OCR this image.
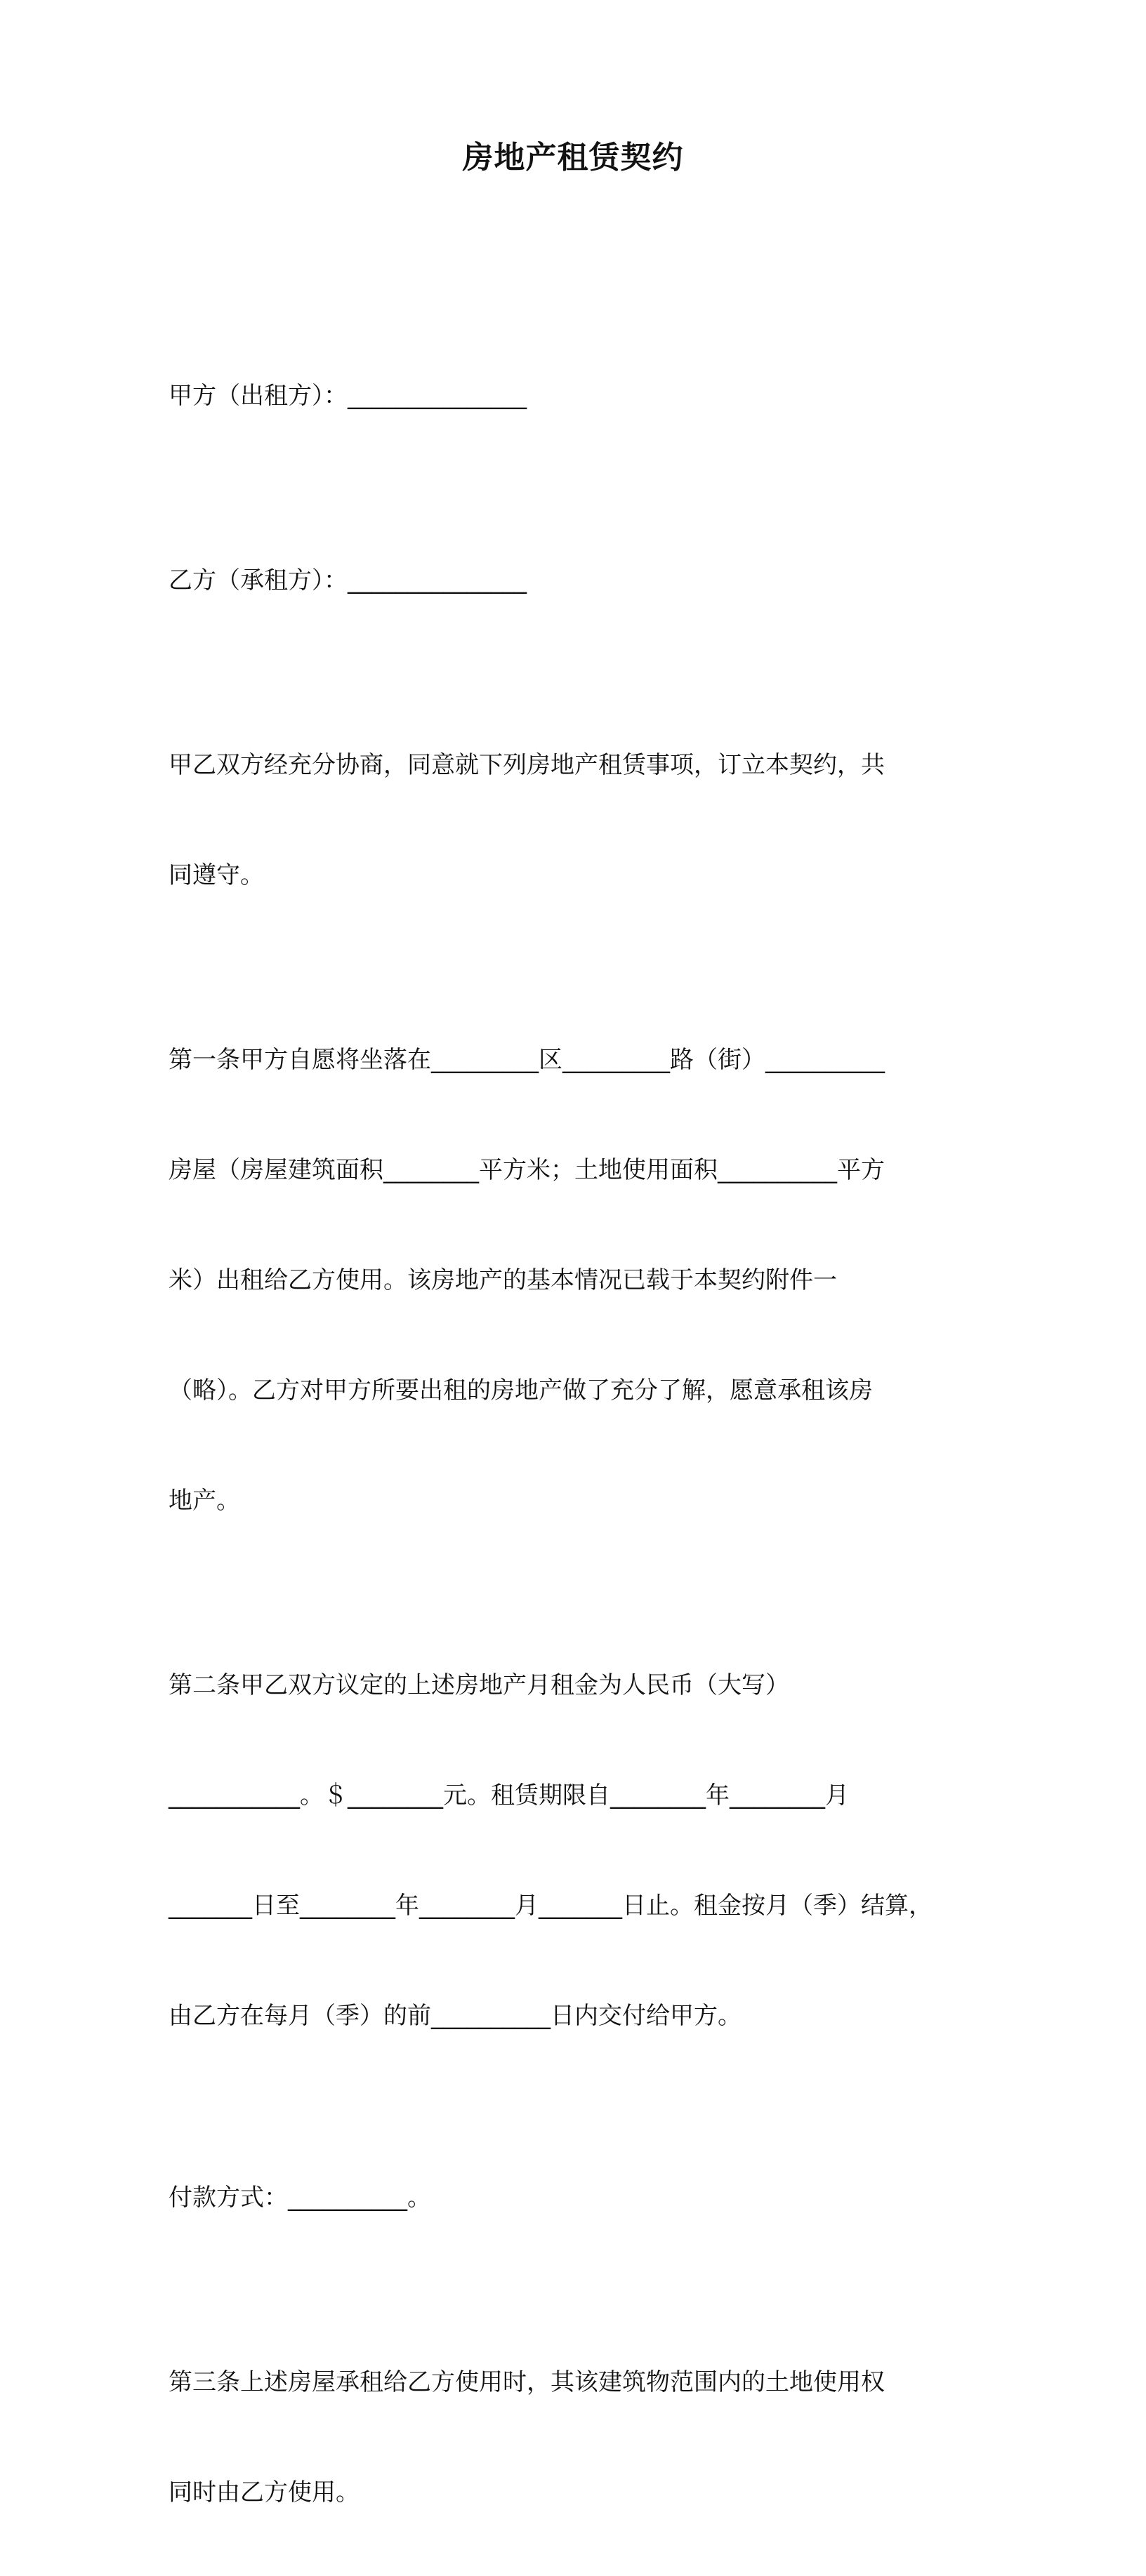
房地产租赁契约

甲方（出租方）：_______________

乙方（承租方）：_______________

甲乙双方经充分协商，同意就下列房地产租赁事项，订立本契约，共

同遵守。

第一条甲方自愿将坐落在_________区_________路（街）__________

房屋（房屋建筑面积________平方米；土地使用面积__________平方

米）出租给乙方使用。该房地产的基本情况已载于本契约附件一

（略）。乙方对甲方所要出租的房地产做了充分了解，愿意承租该房

地产。

第二条甲乙双方议定的上述房地产月租金为人民币（大写）

___________。＄________元。租赁期限自________年________月

_______日至________年________月_______日止。租金按月（季）结算，

由乙方在每月（季）的前__________日内交付给甲方。

付款方式：__________。

第三条上述房屋承租给乙方使用时，其该建筑物范围内的土地使用权

同时由乙方使用。
